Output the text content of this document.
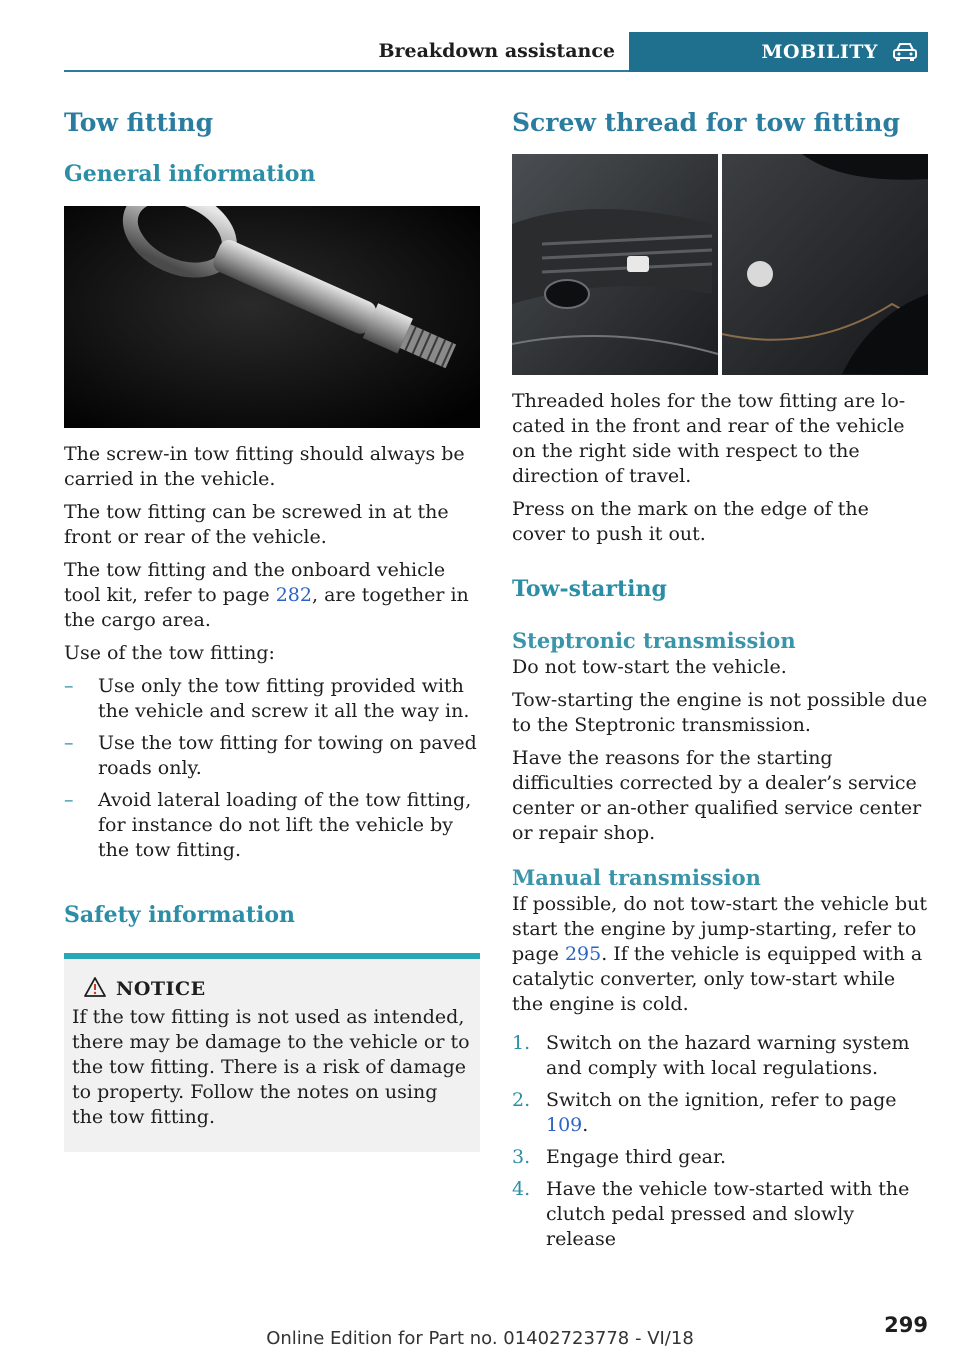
Breakdown assistance	MOBILITY
Tow fitting
General information

The screw-in tow fitting should always be carried in the vehicle.

The tow fitting can be screwed in at the front or rear of the vehicle.

The tow fitting and the onboard vehicle tool kit, refer to page 282, are together in the cargo area.

Use of the tow fitting:

– Use only the tow fitting provided with the vehicle and screw it all the way in.
– Use the tow fitting for towing on paved roads only.
– Avoid lateral loading of the tow fitting, for instance do not lift the vehicle by the tow fitting.
Safety information
NOTICE

If the tow fitting is not used as intended, there may be damage to the vehicle or to the tow fitting. There is a risk of damage to property. Follow the notes on using the tow fitting.

Screw thread for tow fitting

Threaded holes for the tow fitting are lo-cated in the front and rear of the vehicle on the right side with respect to the direction of travel.

Press on the mark on the edge of the cover to push it out.

Tow-starting
Steptronic transmission

Do not tow-start the vehicle.

Tow-starting the engine is not possible due to the Steptronic transmission.

Have the reasons for the starting difficulties corrected by a dealer’s service center or an-other qualified service center or repair shop.

Manual transmission

If possible, do not tow-start the vehicle but start the engine by jump-starting, refer to page 295. If the vehicle is equipped with a catalytic converter, only tow-start while the engine is cold.

1. Switch on the hazard warning system and comply with local regulations.
2. Switch on the ignition, refer to page 109.
3. Engage third gear.
4. Have the vehicle tow-started with the clutch pedal pressed and slowly release
299
Online Edition for Part no. 01402723778 - VI/18
